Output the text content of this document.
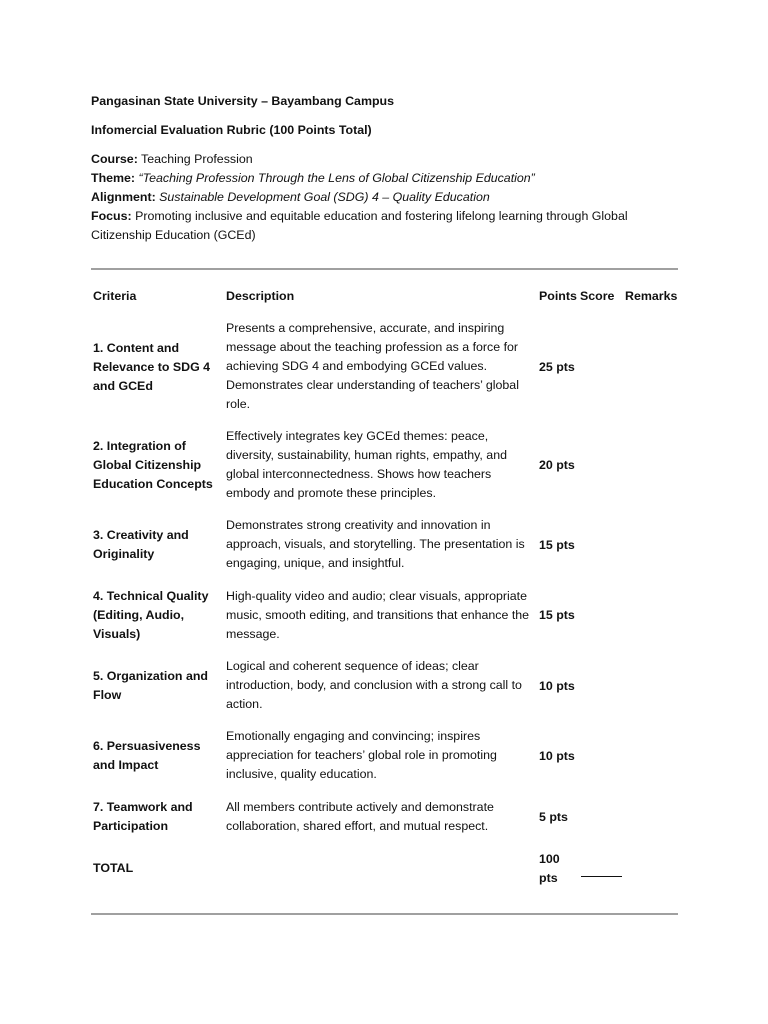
Pangasinan State University – Bayambang Campus
Infomercial Evaluation Rubric (100 Points Total)
Course: Teaching Profession
Theme: “Teaching Profession Through the Lens of Global Citizenship Education”
Alignment: Sustainable Development Goal (SDG) 4 – Quality Education
Focus: Promoting inclusive and equitable education and fostering lifelong learning through Global
Citizenship Education (GCEd)
Criteria	Description	Points Score Remarks
1. Content and Relevance to SDG 4 and GCEd
Presents a comprehensive, accurate, and inspiring message about the teaching profession as a force for achieving SDG 4 and embodying GCEd values. Demonstrates clear understanding of teachers’ global role.
25 pts
2. Integration of Global Citizenship Education Concepts
Effectively integrates key GCEd themes: peace, diversity, sustainability, human rights, empathy, and global interconnectedness. Shows how teachers embody and promote these principles.
20 pts
3. Creativity and Originality
Demonstrates strong creativity and innovation in approach, visuals, and storytelling. The presentation is engaging, unique, and insightful.
15 pts
4. Technical Quality (Editing, Audio, Visuals)
High-quality video and audio; clear visuals, appropriate music, smooth editing, and transitions that enhance the message.
15 pts
5. Organization and Flow
Logical and coherent sequence of ideas; clear introduction, body, and conclusion with a strong call to action.
10 pts
6. Persuasiveness and Impact
Emotionally engaging and convincing; inspires appreciation for teachers’ global role in promoting inclusive, quality education.
10 pts
7. Teamwork and Participation
All members contribute actively and demonstrate collaboration, shared effort, and mutual respect.
5 pts
TOTAL
100 pts
